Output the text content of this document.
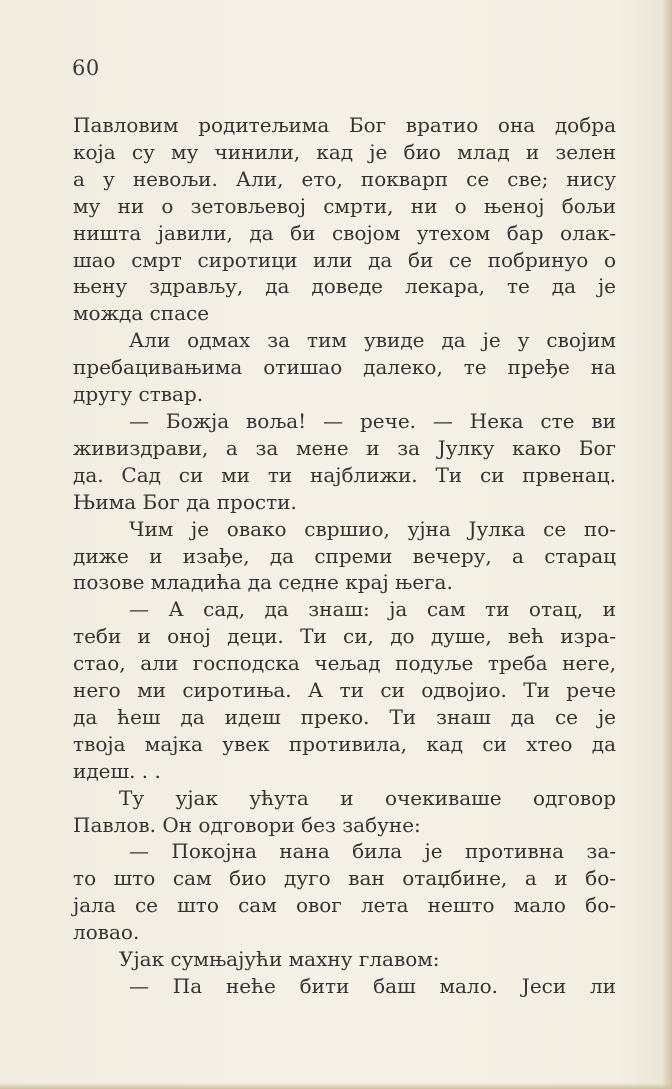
60
Павловим родитељима Бог вратио она добра
која су му чинили, кад је био млад и зелен
а у невољи. Али, ето, покварп се све; нису
му ни о зетовљевој смрти, ни о њеној бољи
ништа јавили, да би својом утехом бар олак-
шао смрт сиротици или да би се побринуо о
њену здрављу, да доведе лекара, те да је
можда спасе
Али одмах за тим увиде да је у својим
пребацивањима отишао далеко, те пређе на
другу ствар.
— Божја воља! — рече. — Нека сте ви
живиздрави, а за мене и за Јулку како Бог
да. Сад си ми ти најближи. Ти си првенац.
Њима Бог да прости.
Чим је овако свршио, ујна Јулка се по-
диже и изађе, да спреми вечеру, а старац
позове младића да седне крај њега.
— А сад, да знаш: ја сам ти отац, и
теби и оној деци. Ти си, до душе, већ изра-
стао, али господска чељад подуље треба неге,
него ми сиротиња. А ти си одвојио. Ти рече
да ћеш да идеш преко. Ти знаш да се је
твоја мајка увек противила, кад си хтео да
идеш. . .
Ту ујак ућута и очекиваше одговор
Павлов. Он одговори без забуне:
— Покојна нана била је противна за-
то што сам био дуго ван отаџбине, а и бо-
јала се што сам овог лета нешто мало бо-
ловао.
Ујак сумњајући махну главом:
— Па неће бити баш мало. Јеси ли
